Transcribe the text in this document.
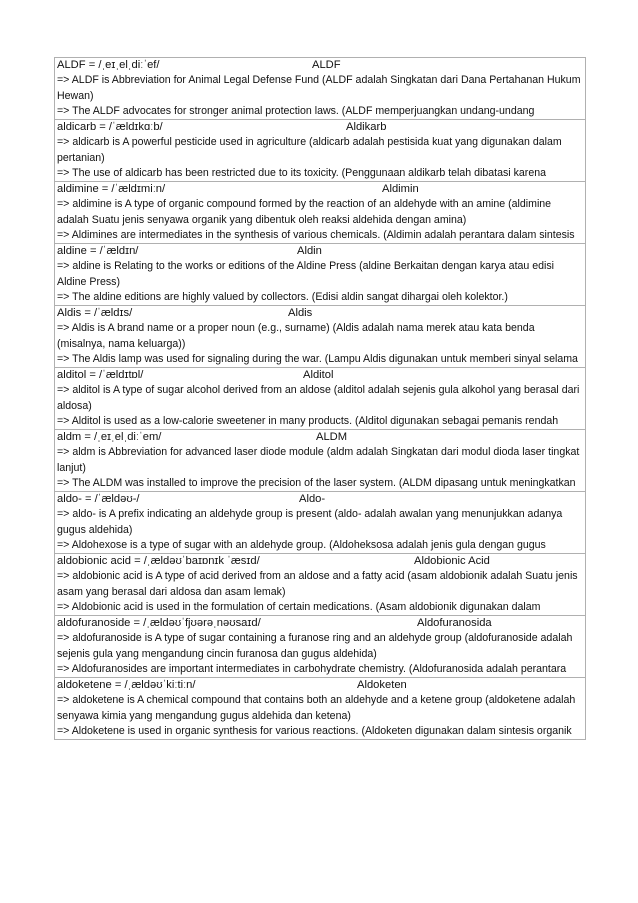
ALDF = /ˌeɪˌelˌdiːˈef/	ALDF
=> ALDF is Abbreviation for Animal Legal Defense Fund (ALDF adalah Singkatan dari Dana Pertahanan Hukum Hewan)
=> The ALDF advocates for stronger animal protection laws. (ALDF memperjuangkan undang-undang
aldicarb = /ˈældɪkɑːb/	Aldikarb
=> aldicarb is A powerful pesticide used in agriculture (aldicarb adalah pestisida kuat yang digunakan dalam pertanian)
=> The use of aldicarb has been restricted due to its toxicity. (Penggunaan aldikarb telah dibatasi karena
aldimine = /ˈældɪmiːn/	Aldimin
=> aldimine is A type of organic compound formed by the reaction of an aldehyde with an amine (aldimine adalah Suatu jenis senyawa organik yang dibentuk oleh reaksi aldehida dengan amina)
=> Aldimines are intermediates in the synthesis of various chemicals. (Aldimin adalah perantara dalam sintesis
aldine = /ˈældɪn/	Aldin
=> aldine is Relating to the works or editions of the Aldine Press (aldine Berkaitan dengan karya atau edisi Aldine Press)
=> The aldine editions are highly valued by collectors. (Edisi aldin sangat dihargai oleh kolektor.)
Aldis = /ˈældɪs/	Aldis
=> Aldis is A brand name or a proper noun (e.g., surname) (Aldis adalah nama merek atau kata benda (misalnya, nama keluarga))
=> The Aldis lamp was used for signaling during the war. (Lampu Aldis digunakan untuk memberi sinyal selama
alditol = /ˈældɪtɒl/	Alditol
=> alditol is A type of sugar alcohol derived from an aldose (alditol adalah sejenis gula alkohol yang berasal dari aldosa)
=> Alditol is used as a low-calorie sweetener in many products. (Alditol digunakan sebagai pemanis rendah
aldm = /ˌeɪˌelˌdiːˈem/	ALDM
=> aldm is Abbreviation for advanced laser diode module (aldm adalah Singkatan dari modul dioda laser tingkat lanjut)
=> The ALDM was installed to improve the precision of the laser system. (ALDM dipasang untuk meningkatkan
aldo- = /ˈældəʊ-/	Aldo-
=> aldo- is A prefix indicating an aldehyde group is present (aldo- adalah awalan yang menunjukkan adanya gugus aldehida)
=> Aldohexose is a type of sugar with an aldehyde group. (Aldoheksosa adalah jenis gula dengan gugus
aldobionic acid = /ˌældəʊˈbaɪɒnɪk ˈæsɪd/	Aldobionic Acid
=> aldobionic acid is A type of acid derived from an aldose and a fatty acid (asam aldobionik adalah Suatu jenis asam yang berasal dari aldosa dan asam lemak)
=> Aldobionic acid is used in the formulation of certain medications. (Asam aldobionik digunakan dalam
aldofuranoside = /ˌældəʊˈfjʊərəˌnəʊsaɪd/	Aldofuranosida
=> aldofuranoside is A type of sugar containing a furanose ring and an aldehyde group (aldofuranoside adalah sejenis gula yang mengandung cincin furanosa dan gugus aldehida)
=> Aldofuranosides are important intermediates in carbohydrate chemistry. (Aldofuranosida adalah perantara
aldoketene = /ˌældəʊˈkiːtiːn/	Aldoketen
=> aldoketene is A chemical compound that contains both an aldehyde and a ketene group (aldoketene adalah senyawa kimia yang mengandung gugus aldehida dan ketena)
=> Aldoketene is used in organic synthesis for various reactions. (Aldoketen digunakan dalam sintesis organik
